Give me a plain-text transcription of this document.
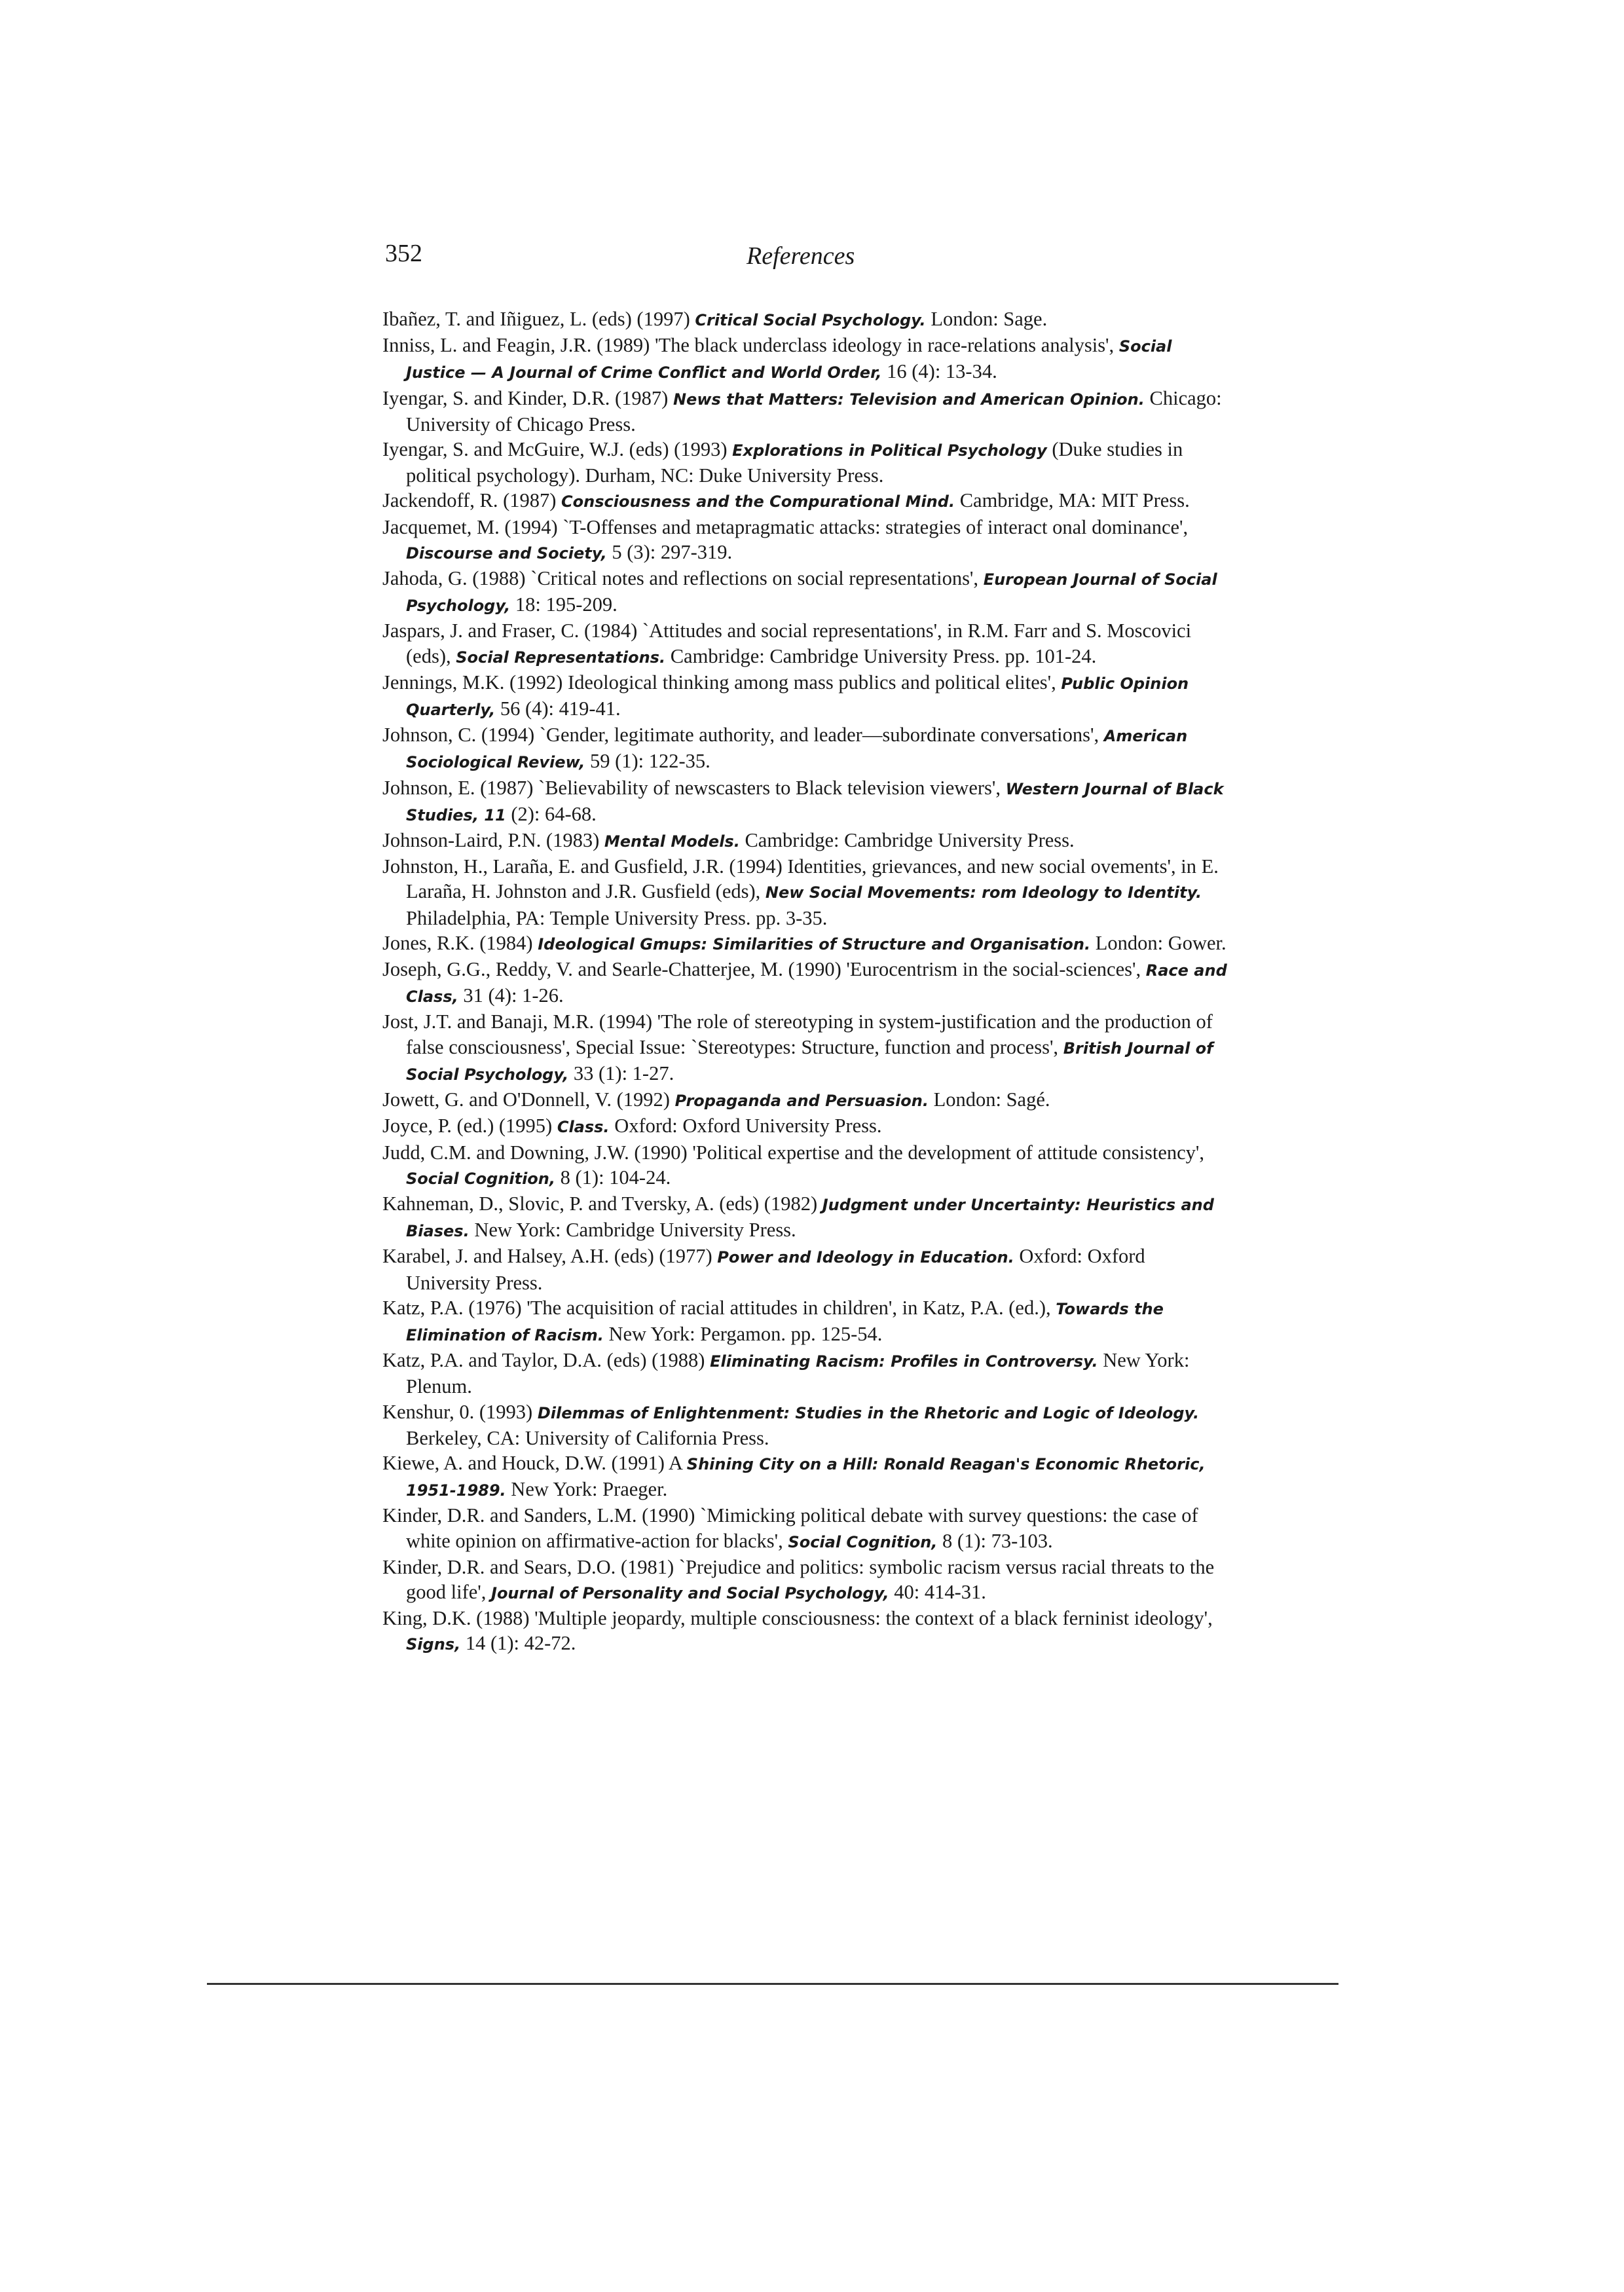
352	References
Ibañez, T. and Iñiguez, L. (eds) (1997) Critical Social Psychology. London: Sage.
Inniss, L. and Feagin, J.R. (1989) 'The black underclass ideology in race-relations analysis', Social Justice — A Journal of Crime Conflict and World Order, 16 (4): 13-34.
Iyengar, S. and Kinder, D.R. (1987) News that Matters: Television and American Opinion. Chicago: University of Chicago Press.
Iyengar, S. and McGuire, W.J. (eds) (1993) Explorations in Political Psychology (Duke studies in political psychology). Durham, NC: Duke University Press.
Jackendoff, R. (1987) Consciousness and the Compurational Mind. Cambridge, MA: MIT Press.
Jacquemet, M. (1994) `T-Offenses and metapragmatic attacks: strategies of interact onal dominance', Discourse and Society, 5 (3): 297-319.
Jahoda, G. (1988) `Critical notes and reflections on social representations', European Journal of Social Psychology, 18: 195-209.
Jaspars, J. and Fraser, C. (1984) `Attitudes and social representations', in R.M. Farr and S. Moscovici (eds), Social Representations. Cambridge: Cambridge University Press. pp. 101-24.
Jennings, M.K. (1992) Ideological thinking among mass publics and political elites', Public Opinion Quarterly, 56 (4): 419-41.
Johnson, C. (1994) `Gender, legitimate authority, and leader—subordinate conversations', American Sociological Review, 59 (1): 122-35.
Johnson, E. (1987) `Believability of newscasters to Black television viewers', Western Journal of Black Studies, 11 (2): 64-68.
Johnson-Laird, P.N. (1983) Mental Models. Cambridge: Cambridge University Press.
Johnston, H., Laraña, E. and Gusfield, J.R. (1994) Identities, grievances, and new social ovements', in E. Laraña, H. Johnston and J.R. Gusfield (eds), New Social Movements: rom Ideology to Identity. Philadelphia, PA: Temple University Press. pp. 3-35.
Jones, R.K. (1984) Ideological Gmups: Similarities of Structure and Organisation. London: Gower.
Joseph, G.G., Reddy, V. and Searle-Chatterjee, M. (1990) 'Eurocentrism in the social-sciences', Race and Class, 31 (4): 1-26.
Jost, J.T. and Banaji, M.R. (1994) 'The role of stereotyping in system-justification and the production of false consciousness', Special Issue: `Stereotypes: Structure, function and process', British Journal of Social Psychology, 33 (1): 1-27.
Jowett, G. and O'Donnell, V. (1992) Propaganda and Persuasion. London: Sagé.
Joyce, P. (ed.) (1995) Class. Oxford: Oxford University Press.
Judd, C.M. and Downing, J.W. (1990) 'Political expertise and the development of attitude consistency', Social Cognition, 8 (1): 104-24.
Kahneman, D., Slovic, P. and Tversky, A. (eds) (1982) Judgment under Uncertainty: Heuristics and Biases. New York: Cambridge University Press.
Karabel, J. and Halsey, A.H. (eds) (1977) Power and Ideology in Education. Oxford: Oxford University Press.
Katz, P.A. (1976) 'The acquisition of racial attitudes in children', in Katz, P.A. (ed.), Towards the Elimination of Racism. New York: Pergamon. pp. 125-54.
Katz, P.A. and Taylor, D.A. (eds) (1988) Eliminating Racism: Profiles in Controversy. New York: Plenum.
Kenshur, 0. (1993) Dilemmas of Enlightenment: Studies in the Rhetoric and Logic of Ideology. Berkeley, CA: University of California Press.
Kiewe, A. and Houck, D.W. (1991) A Shining City on a Hill: Ronald Reagan's Economic Rhetoric, 1951-1989. New York: Praeger.
Kinder, D.R. and Sanders, L.M. (1990) `Mimicking political debate with survey questions: the case of white opinion on affirmative-action for blacks', Social Cognition, 8 (1): 73-103.
Kinder, D.R. and Sears, D.O. (1981) `Prejudice and politics: symbolic racism versus racial threats to the good life', Journal of Personality and Social Psychology, 40: 414-31.
King, D.K. (1988) 'Multiple jeopardy, multiple consciousness: the context of a black ferninist ideology', Signs, 14 (1): 42-72.
